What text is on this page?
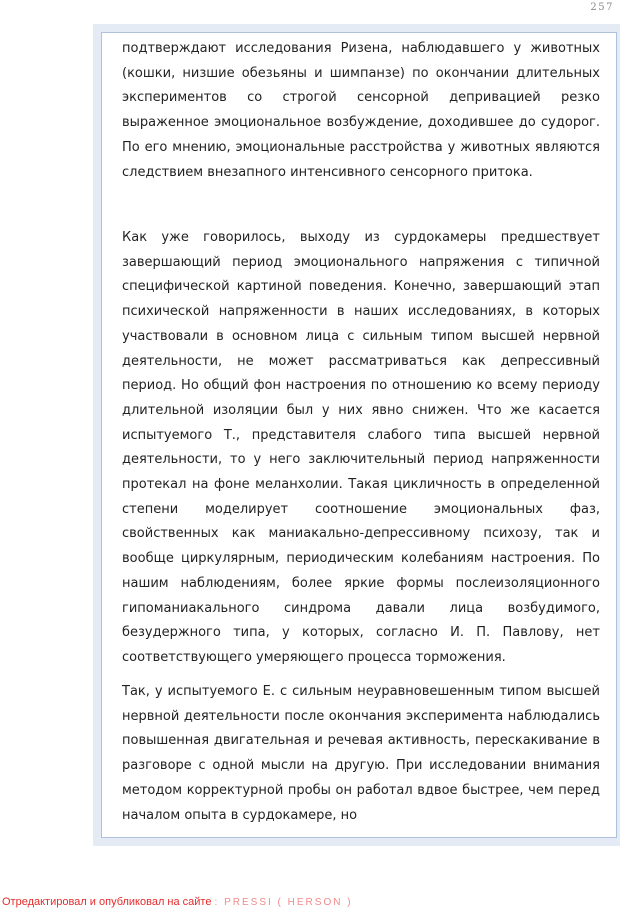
257

подтверждают исследования Ризена, наблюдавшего у животных (кошки, низшие обезьяны и шимпанзе) по окончании длительных экспериментов со строгой сенсорной депривацией резко выраженное эмоциональное возбуждение, доходившее до судорог. По его мнению, эмоциональные расстройства у животных являются следствием внезапного интенсивного сенсорного притока.

Как уже говорилось, выходу из сурдокамеры предшествует завершающий период эмоционального напряжения с типичной специфической картиной поведения. Конечно, завершающий этап психической напряженности в наших исследованиях, в которых участвовали в основном лица с сильным типом высшей нервной деятельности, не может рассматриваться как депрессивный период. Но общий фон настроения по отношению ко всему периоду длительной изоляции был у них явно снижен. Что же касается испытуемого Т., представителя слабого типа высшей нервной деятельности, то у него заключительный период напряженности протекал на фоне меланхолии. Такая цикличность в определенной степени моделирует соотношение эмоциональных фаз, свойственных как маниакально-депрессивному психозу, так и вообще циркулярным, периодическим колебаниям настроения. По нашим наблюдениям, более яркие формы послеизоляционного гипоманиакального синдрома давали лица возбудимого, безудержного типа, у которых, согласно И. П. Павлову, нет соответствующего умеряющего процесса торможения.

Так, у испытуемого Е. с сильным неуравновешенным типом высшей нервной деятельности после окончания эксперимента наблюдались повышенная двигательная и речевая активность, перескакивание в разговоре с одной мысли на другую. При исследовании внимания методом корректурной пробы он работал вдвое быстрее, чем перед началом опыта в сурдокамере, но

Отредактировал и опубликовал на сайте : PRESSI ( HERSON )
